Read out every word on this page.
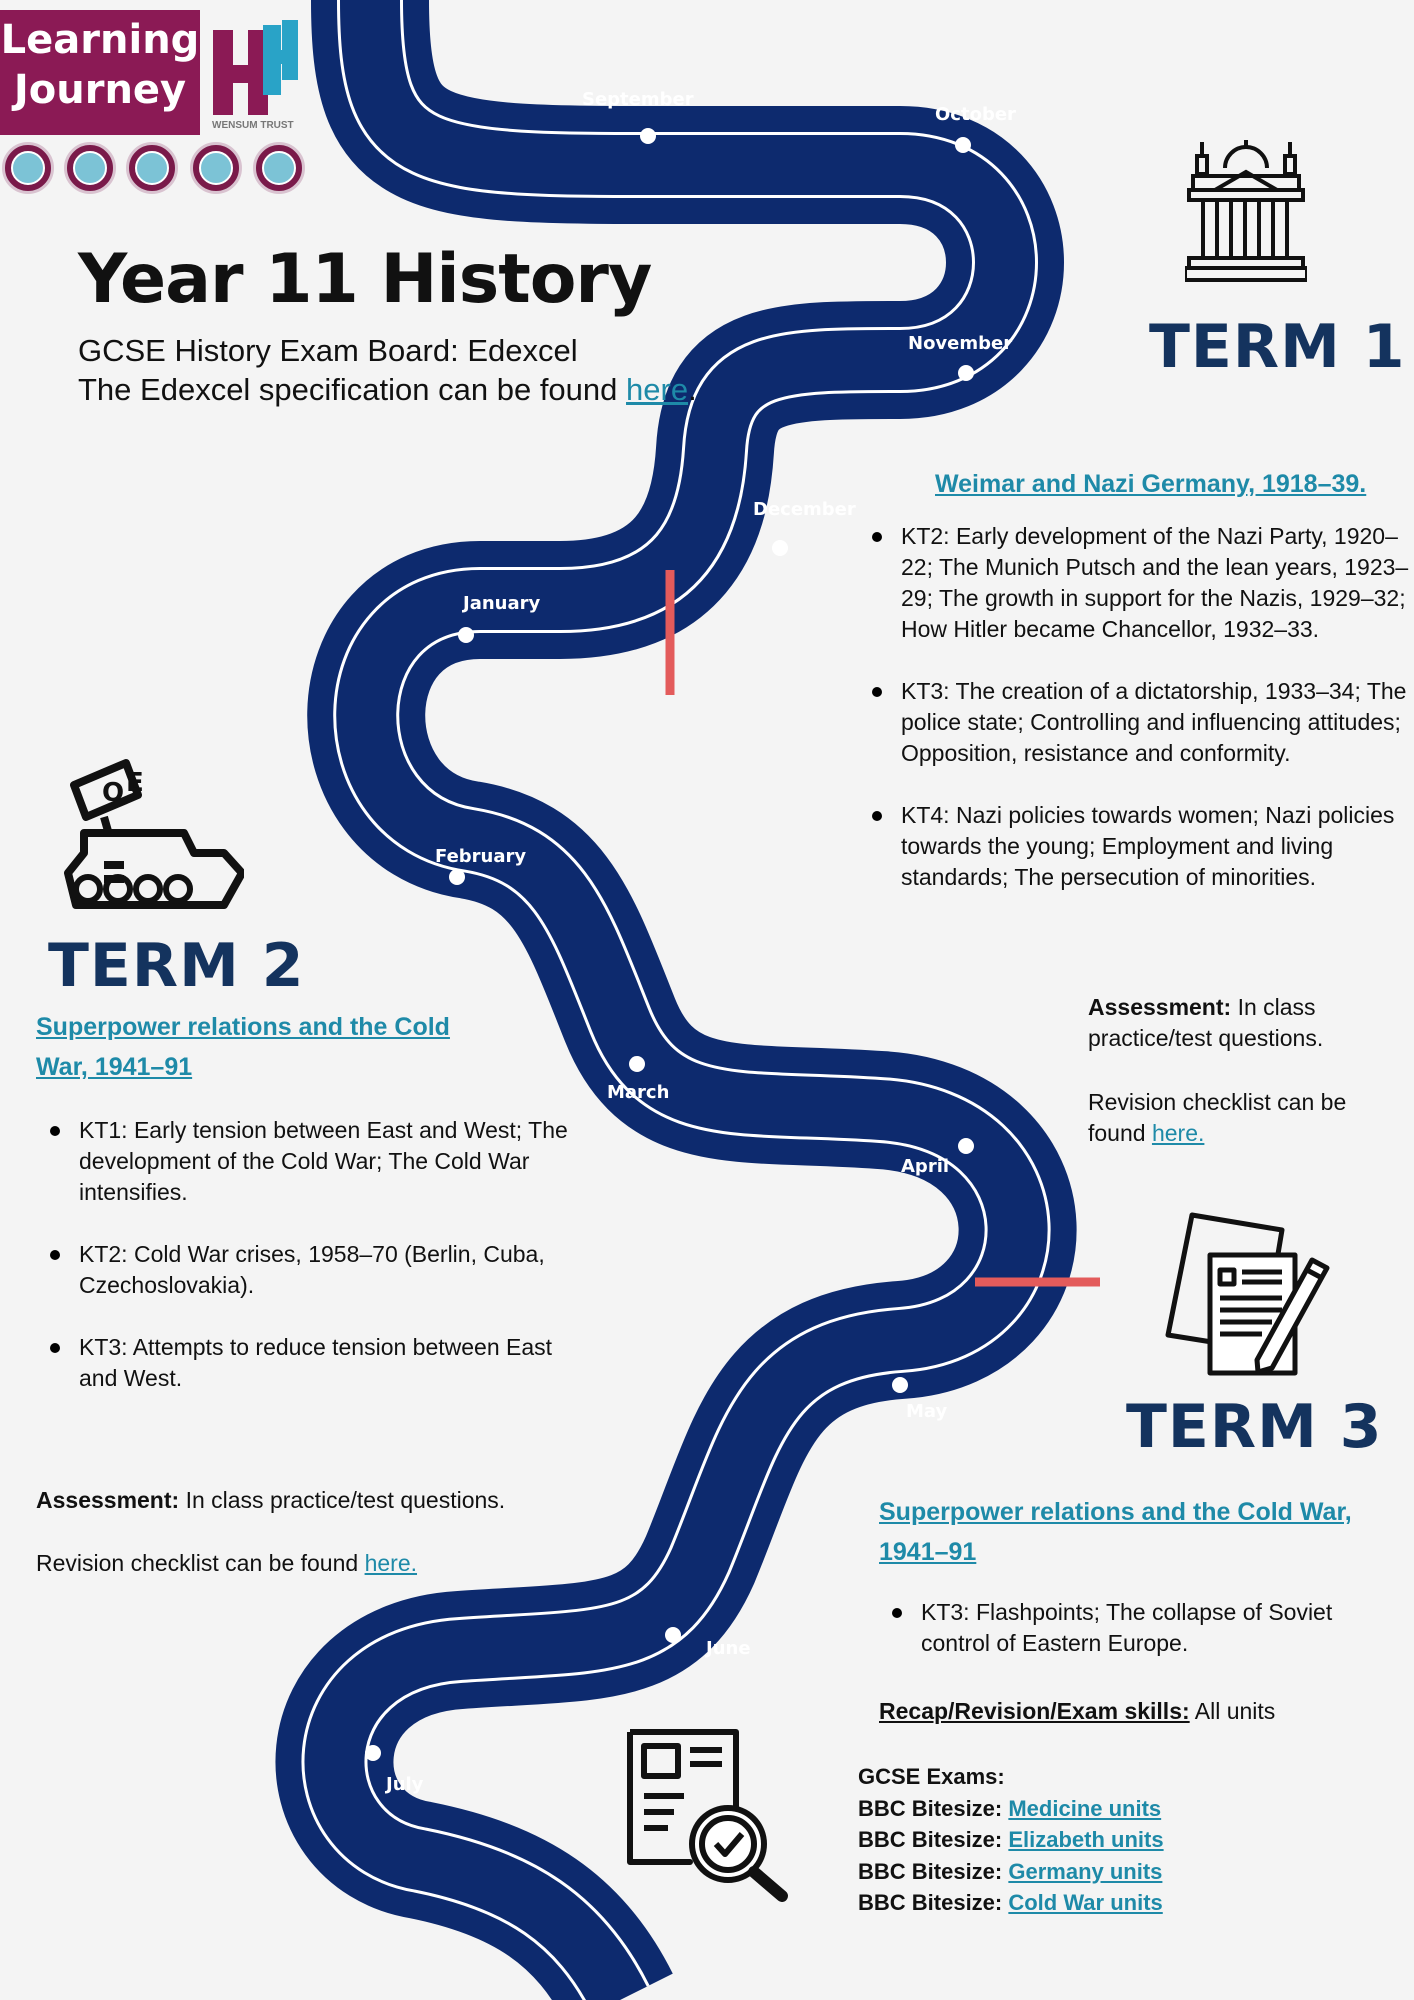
September
October
November
December
January
February
March
April
May
June
July
Learning
Journey
WENSUM TRUST
Year 11 History
GCSE History Exam Board: Edexcel
The Edexcel specification can be found here.
TERM 1
Weimar and Nazi Germany, 1918–39.
KT2: Early development of the Nazi Party, 1920–22; The Munich Putsch and the lean years, 1923–29; The growth in support for the Nazis, 1929–32; How Hitler became Chancellor, 1932–33.
KT3: The creation of a dictatorship, 1933–34; The police state; Controlling and influencing attitudes; Opposition, resistance and conformity.
KT4: Nazi policies towards women; Nazi policies towards the young; Employment and living standards; The persecution of minorities.
Assessment: In class practice/test questions.
Revision checklist can be found here.
O E
TERM 2
Superpower relations and the Cold War, 1941–91
KT1: Early tension between East and West; The development of the Cold War; The Cold War intensifies.
KT2: Cold War crises, 1958–70 (Berlin, Cuba, Czechoslovakia).
KT3: Attempts to reduce tension between East and West.
Assessment: In class practice/test questions.
Revision checklist can be found here.
TERM 3
Superpower relations and the Cold War, 1941–91
KT3: Flashpoints; The collapse of Soviet control of Eastern Europe.
Recap/Revision/Exam skills: All units
GCSE Exams:
BBC Bitesize: Medicine units
BBC Bitesize: Elizabeth units
BBC Bitesize: Germany units
BBC Bitesize: Cold War units
